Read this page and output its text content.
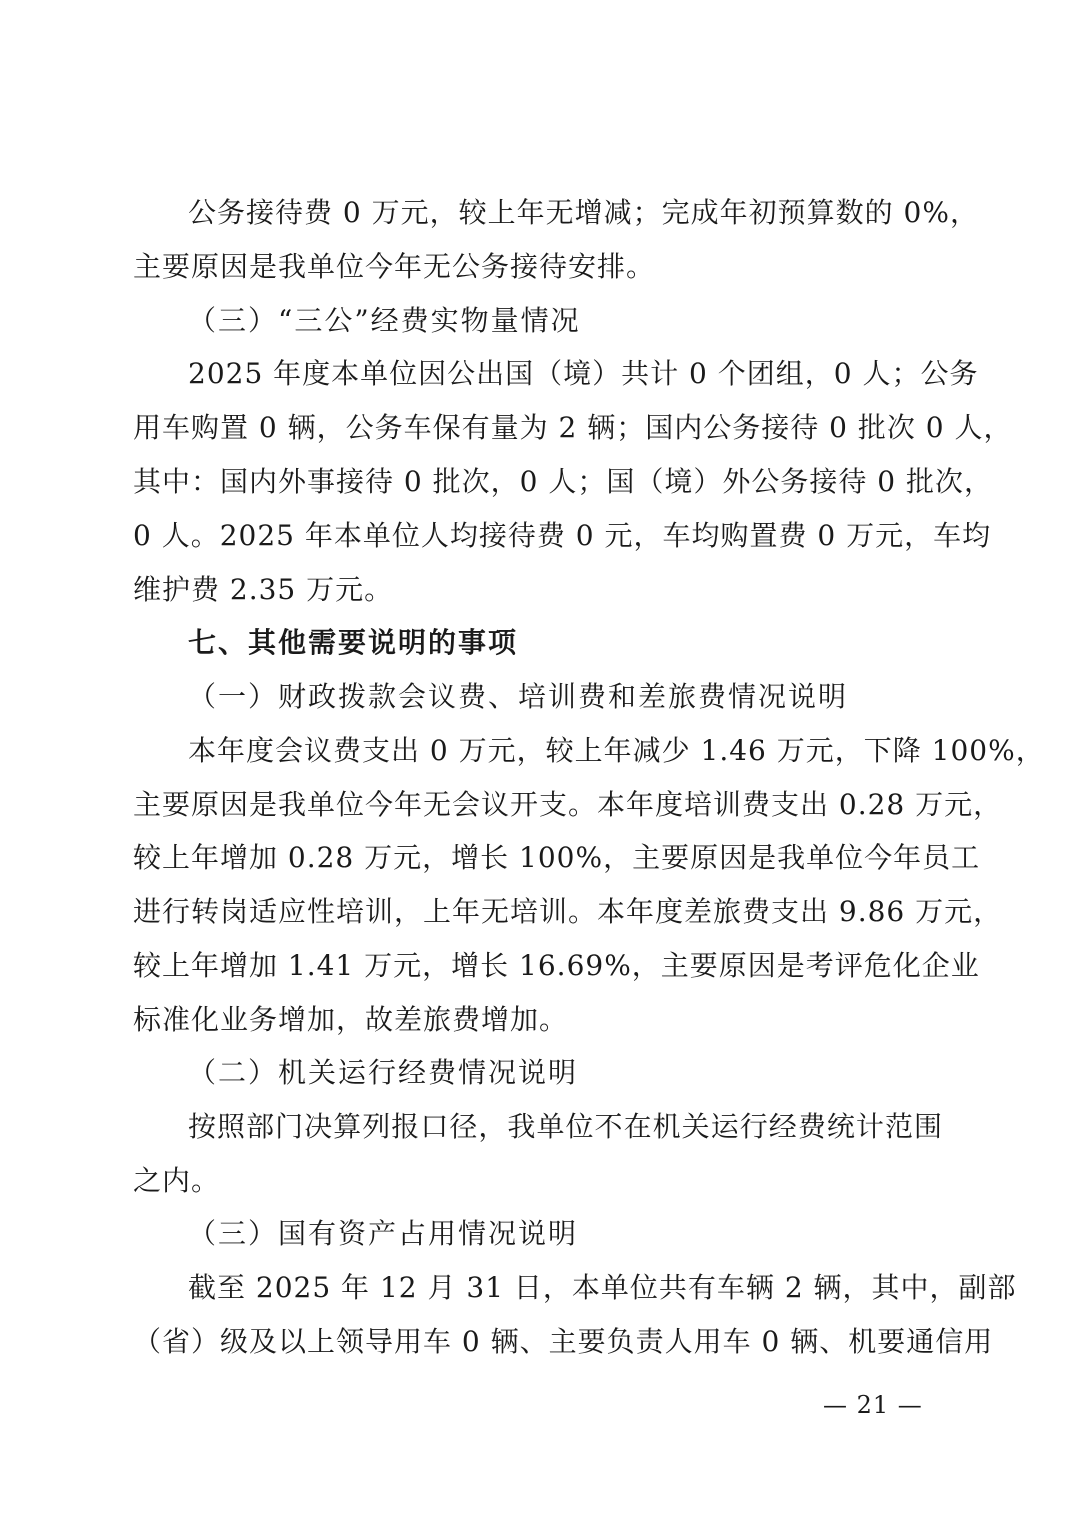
公务接待费 0 万元，较上年无增减；完成年初预算数的 0%，
主要原因是我单位今年无公务接待安排。
（三）“三公”经费实物量情况
2025 年度本单位因公出国（境）共计 0 个团组，0 人；公务
用车购置 0 辆，公务车保有量为 2 辆；国内公务接待 0 批次 0 人，
其中：国内外事接待 0 批次，0 人；国（境）外公务接待 0 批次，
0 人。2025 年本单位人均接待费 0 元，车均购置费 0 万元，车均
维护费 2.35 万元。
七、其他需要说明的事项
（一）财政拨款会议费、培训费和差旅费情况说明
本年度会议费支出 0 万元，较上年减少 1.46 万元，下降 100%，
主要原因是我单位今年无会议开支。本年度培训费支出 0.28 万元，
较上年增加 0.28 万元，增长 100%，主要原因是我单位今年员工
进行转岗适应性培训，上年无培训。本年度差旅费支出 9.86 万元，
较上年增加 1.41 万元，增长 16.69%，主要原因是考评危化企业
标准化业务增加，故差旅费增加。
（二）机关运行经费情况说明
按照部门决算列报口径，我单位不在机关运行经费统计范围
之内。
（三）国有资产占用情况说明
截至 2025 年 12 月 31 日，本单位共有车辆 2 辆，其中，副部
（省）级及以上领导用车 0 辆、主要负责人用车 0 辆、机要通信用
— 21 —
